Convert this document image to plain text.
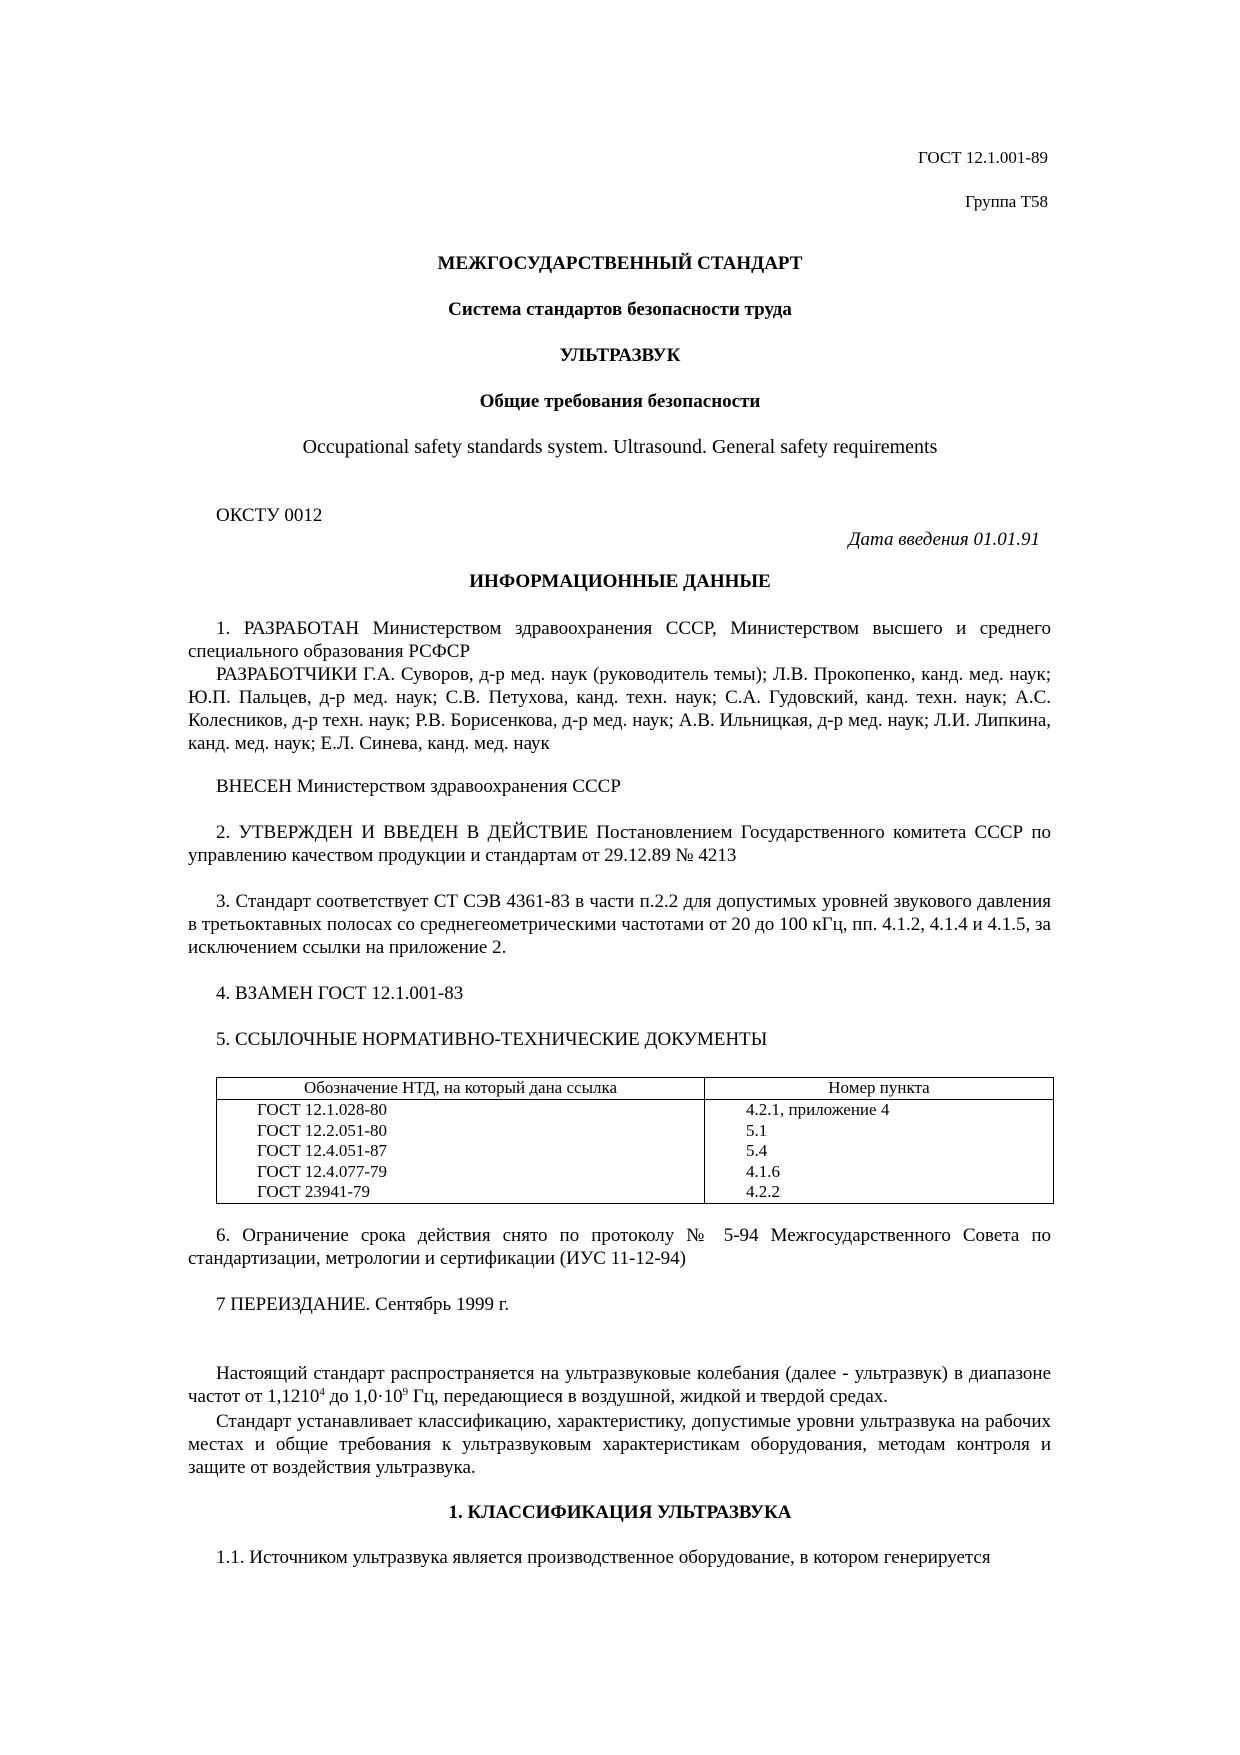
ГОСТ 12.1.001-89
Группа Т58
МЕЖГОСУДАРСТВЕННЫЙ СТАНДАРТ
Система стандартов безопасности труда
УЛЬТРАЗВУК
Общие требования безопасности
Occupational safety standards system. Ultrasound. General safety requirements
ОКСТУ 0012
Дата введения 01.01.91
ИНФОРМАЦИОННЫЕ ДАННЫЕ

1. РАЗРАБОТАН Министерством здравоохранения СССР, Министерством высшего и среднего специального образования РСФСР

РАЗРАБОТЧИКИ Г.А. Суворов, д-р мед. наук (руководитель темы); Л.В. Прокопенко, канд. мед. наук; Ю.П. Пальцев, д-р мед. наук; С.В. Петухова, канд. техн. наук; С.А. Гудовский, канд. техн. наук; А.С. Колесников, д-р техн. наук; Р.В. Борисенкова, д-р мед. наук; А.В. Ильницкая, д-р мед. наук; Л.И. Липкина, канд. мед. наук; Е.Л. Синева, канд. мед. наук

ВНЕСЕН Министерством здравоохранения СССР

2. УТВЕРЖДЕН И ВВЕДЕН В ДЕЙСТВИЕ Постановлением Государственного комитета СССР по управлению качеством продукции и стандартам от 29.12.89 № 4213

3. Стандарт соответствует СТ СЭВ 4361-83 в части п.2.2 для допустимых уровней звукового давления в третьоктавных полосах со среднегеометрическими частотами от 20 до 100 кГц, пп. 4.1.2, 4.1.4 и 4.1.5, за исключением ссылки на приложение 2.

4. ВЗАМЕН ГОСТ 12.1.001-83

5. ССЫЛОЧНЫЕ НОРМАТИВНО-ТЕХНИЧЕСКИЕ ДОКУМЕНТЫ

Обозначение НТД, на который дана ссылка	Номер пункта
ГОСТ 12.1.028-80	4.2.1, приложение 4
ГОСТ 12.2.051-80	5.1
ГОСТ 12.4.051-87	5.4
ГОСТ 12.4.077-79	4.1.6
ГОСТ 23941-79	4.2.2

6. Ограничение срока действия снято по протоколу № 5-94 Межгосударственного Совета по стандартизации, метрологии и сертификации (ИУС 11-12-94)

7 ПЕРЕИЗДАНИЕ. Сентябрь 1999 г.

Настоящий стандарт распространяется на ультразвуковые колебания (далее - ультразвук) в диапазоне частот от 1,1210$^4$ до $1,0\cdot 10^9$ Гц, передающиеся в воздушной, жидкой и твердой средах.

Стандарт устанавливает классификацию, характеристику, допустимые уровни ультразвука на рабочих местах и общие требования к ультразвуковым характеристикам оборудования, методам контроля и защите от воздействия ультразвука.

1. КЛАССИФИКАЦИЯ УЛЬТРАЗВУКА

1.1. Источником ультразвука является производственное оборудование, в котором генерируется
